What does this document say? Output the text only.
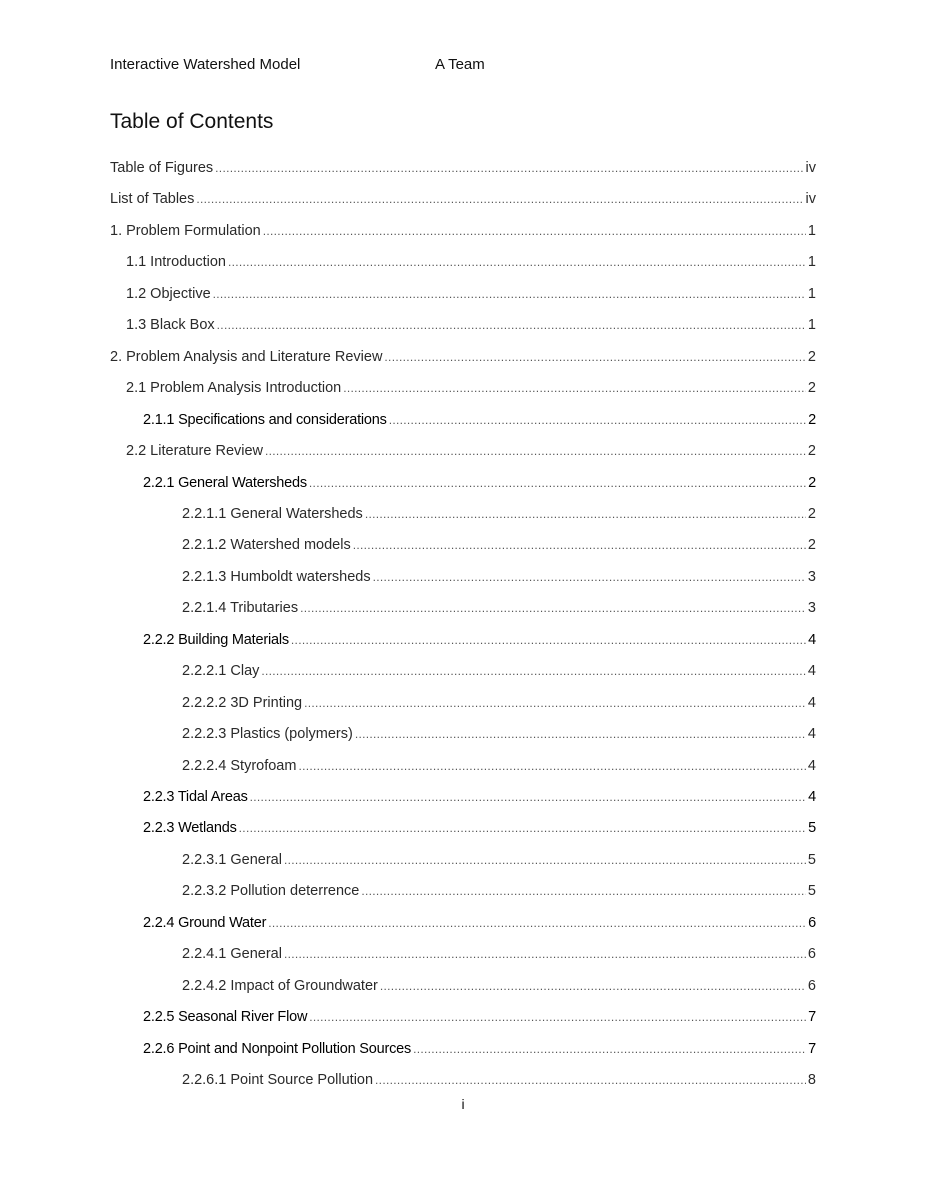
Interactive Watershed Model	A Team
Table of Contents
Table of Figures .....	iv
List of Tables .....	iv
1. Problem Formulation .....	1
1.1 Introduction .....	1
1.2 Objective .....	1
1.3 Black Box .....	1
2. Problem Analysis and Literature Review .....	2
2.1 Problem Analysis Introduction .....	2
2.1.1 Specifications and considerations .....	2
2.2 Literature Review .....	2
2.2.1 General Watersheds .....	2
2.2.1.1 General Watersheds .....	2
2.2.1.2 Watershed models .....	2
2.2.1.3 Humboldt watersheds .....	3
2.2.1.4 Tributaries .....	3
2.2.2 Building Materials .....	4
2.2.2.1 Clay .....	4
2.2.2.2 3D Printing .....	4
2.2.2.3 Plastics (polymers) .....	4
2.2.2.4 Styrofoam .....	4
2.2.3 Tidal Areas .....	4
2.2.3 Wetlands .....	5
2.2.3.1 General .....	5
2.2.3.2 Pollution deterrence .....	5
2.2.4 Ground Water .....	6
2.2.4.1 General .....	6
2.2.4.2 Impact of Groundwater .....	6
2.2.5 Seasonal River Flow .....	7
2.2.6 Point and Nonpoint Pollution Sources .....	7
2.2.6.1 Point Source Pollution .....	8
i
